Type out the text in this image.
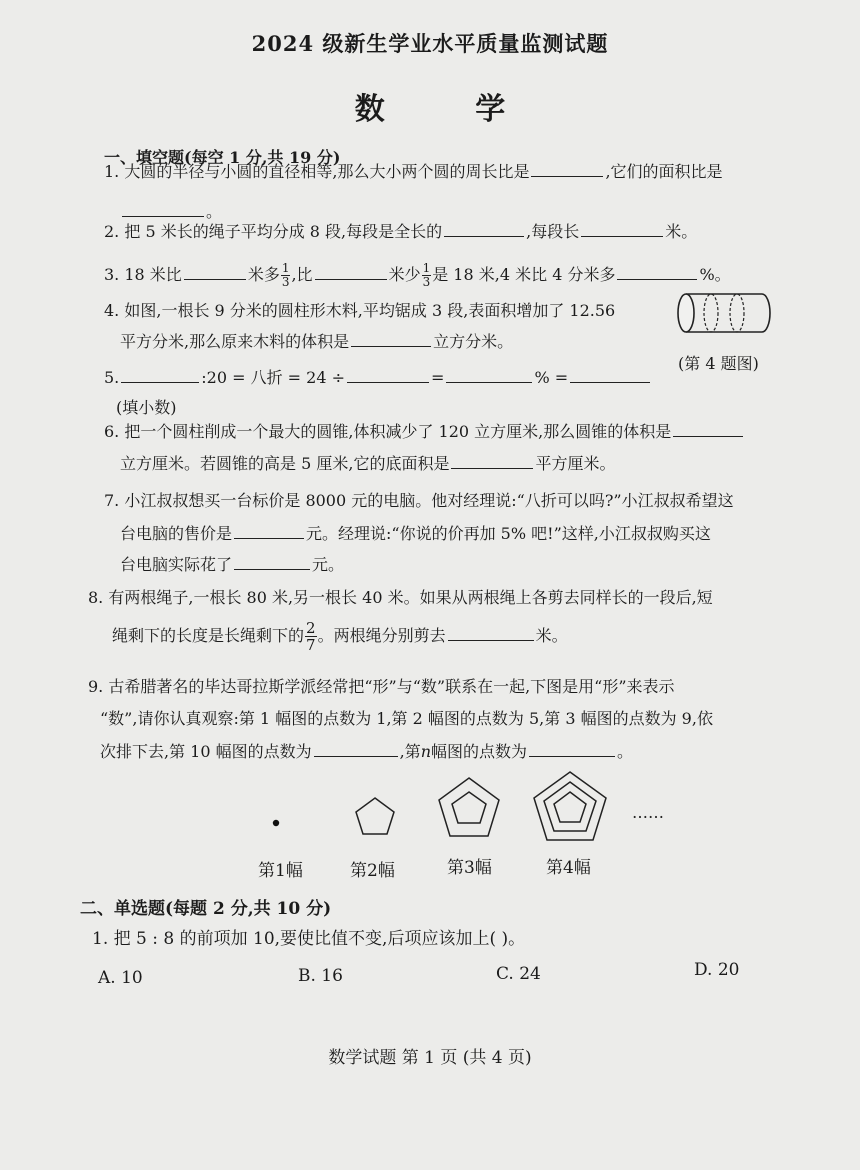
2024 级新生学业水平质量监测试题
数 学
一、填空题(每空 1 分,共 19 分)
1. 大圆的半径与小圆的直径相等,那么大小两个圆的周长比是	,它们的面积比是
。
2. 把 5 米长的绳子平均分成 8 段,每段是全长的	,每段长	米。
3. 18 米比	米多 $\frac{1}{3}$ ,比	米少 $\frac{1}{3}$ 是 18 米,4 米比 4 分米多	%。
4. 如图,一根长 9 分米的圆柱形木料,平均锯成 3 段,表面积增加了 12.56
平方分米,那么原来木料的体积是	立方分米。
(第 4 题图)
5.	:20 = 八折 = 24 ÷	=	% =
(填小数)
6. 把一个圆柱削成一个最大的圆锥,体积减少了 120 立方厘米,那么圆锥的体积是
立方厘米。若圆锥的高是 5 厘米,它的底面积是	平方厘米。
7. 小江叔叔想买一台标价是 8000 元的电脑。他对经理说:“八折可以吗?”小江叔叔希望这
台电脑的售价是	元。经理说:“你说的价再加 5% 吧!”这样,小江叔叔购买这
台电脑实际花了	元。
8. 有两根绳子,一根长 80 米,另一根长 40 米。如果从两根绳上各剪去同样长的一段后,短
绳剩下的长度是长绳剩下的 $\frac{2}{7}$ 。两根绳分别剪去	米。
9. 古希腊著名的毕达哥拉斯学派经常把“形”与“数”联系在一起,下图是用“形”来表示
“数”,请你认真观察:第 1 幅图的点数为 1,第 2 幅图的点数为 5,第 3 幅图的点数为 9,依
次排下去,第 10 幅图的点数为	,第n幅图的点数为	。
……
第1幅	第2幅	第3幅	第4幅
二、单选题(每题 2 分,共 10 分)
1. 把 5 : 8 的前项加 10,要使比值不变,后项应该加上( )。
A. 10	B. 16	C. 24	D. 20
数学试题 第 1 页 (共 4 页)
